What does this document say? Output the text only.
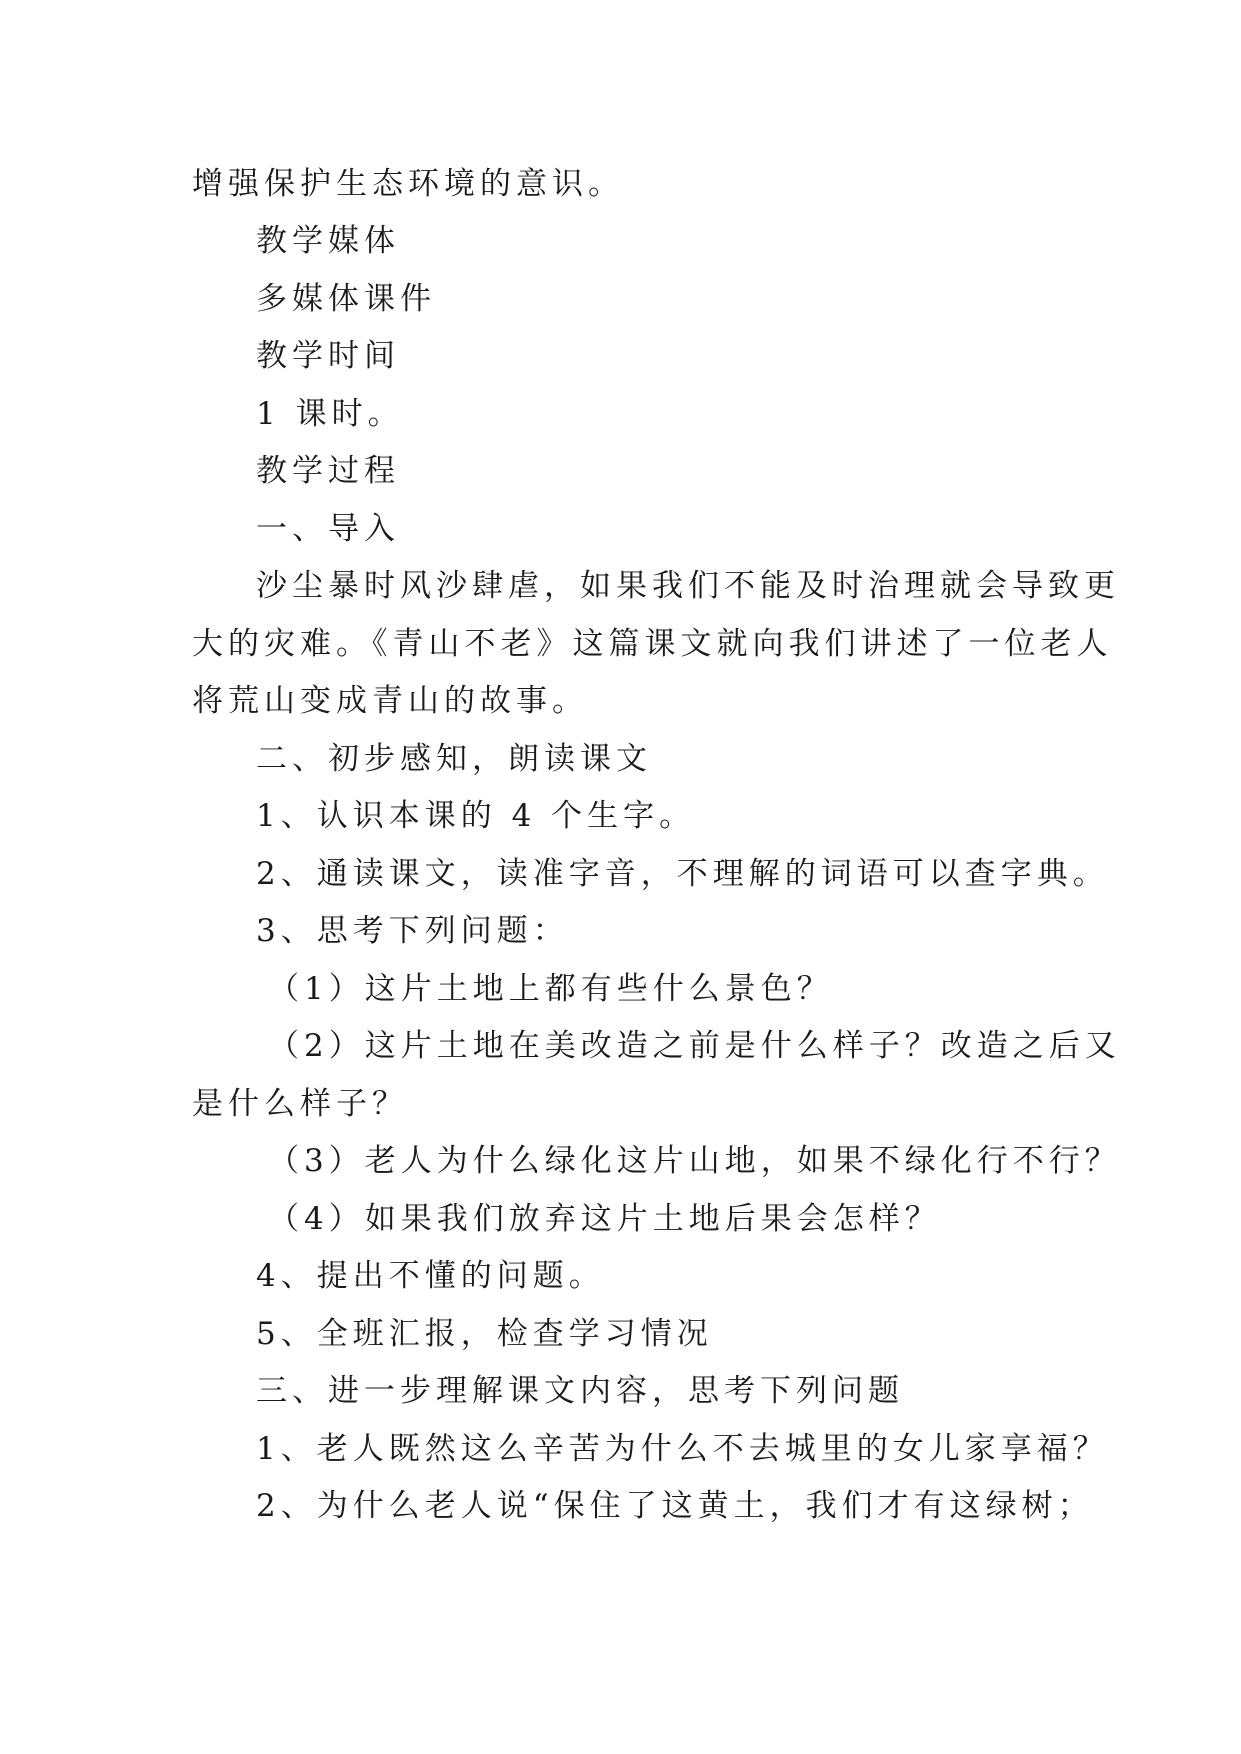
增强保护生态环境的意识。
教学媒体
多媒体课件
教学时间
1 课时。
教学过程
一、导入
沙尘暴时风沙肆虐，如果我们不能及时治理就会导致更
大的灾难。《青山不老》这篇课文就向我们讲述了一位老人
将荒山变成青山的故事。
二、初步感知，朗读课文
1、认识本课的 4 个生字。
2、通读课文，读准字音，不理解的词语可以查字典。
3、思考下列问题：
（1）这片土地上都有些什么景色？
（2）这片土地在美改造之前是什么样子？改造之后又
是什么样子？
（3）老人为什么绿化这片山地，如果不绿化行不行？
（4）如果我们放弃这片土地后果会怎样？
4、提出不懂的问题。
5、全班汇报，检查学习情况
三、进一步理解课文内容，思考下列问题
1、老人既然这么辛苦为什么不去城里的女儿家享福？
2、为什么老人说“保住了这黄土，我们才有这绿树；
